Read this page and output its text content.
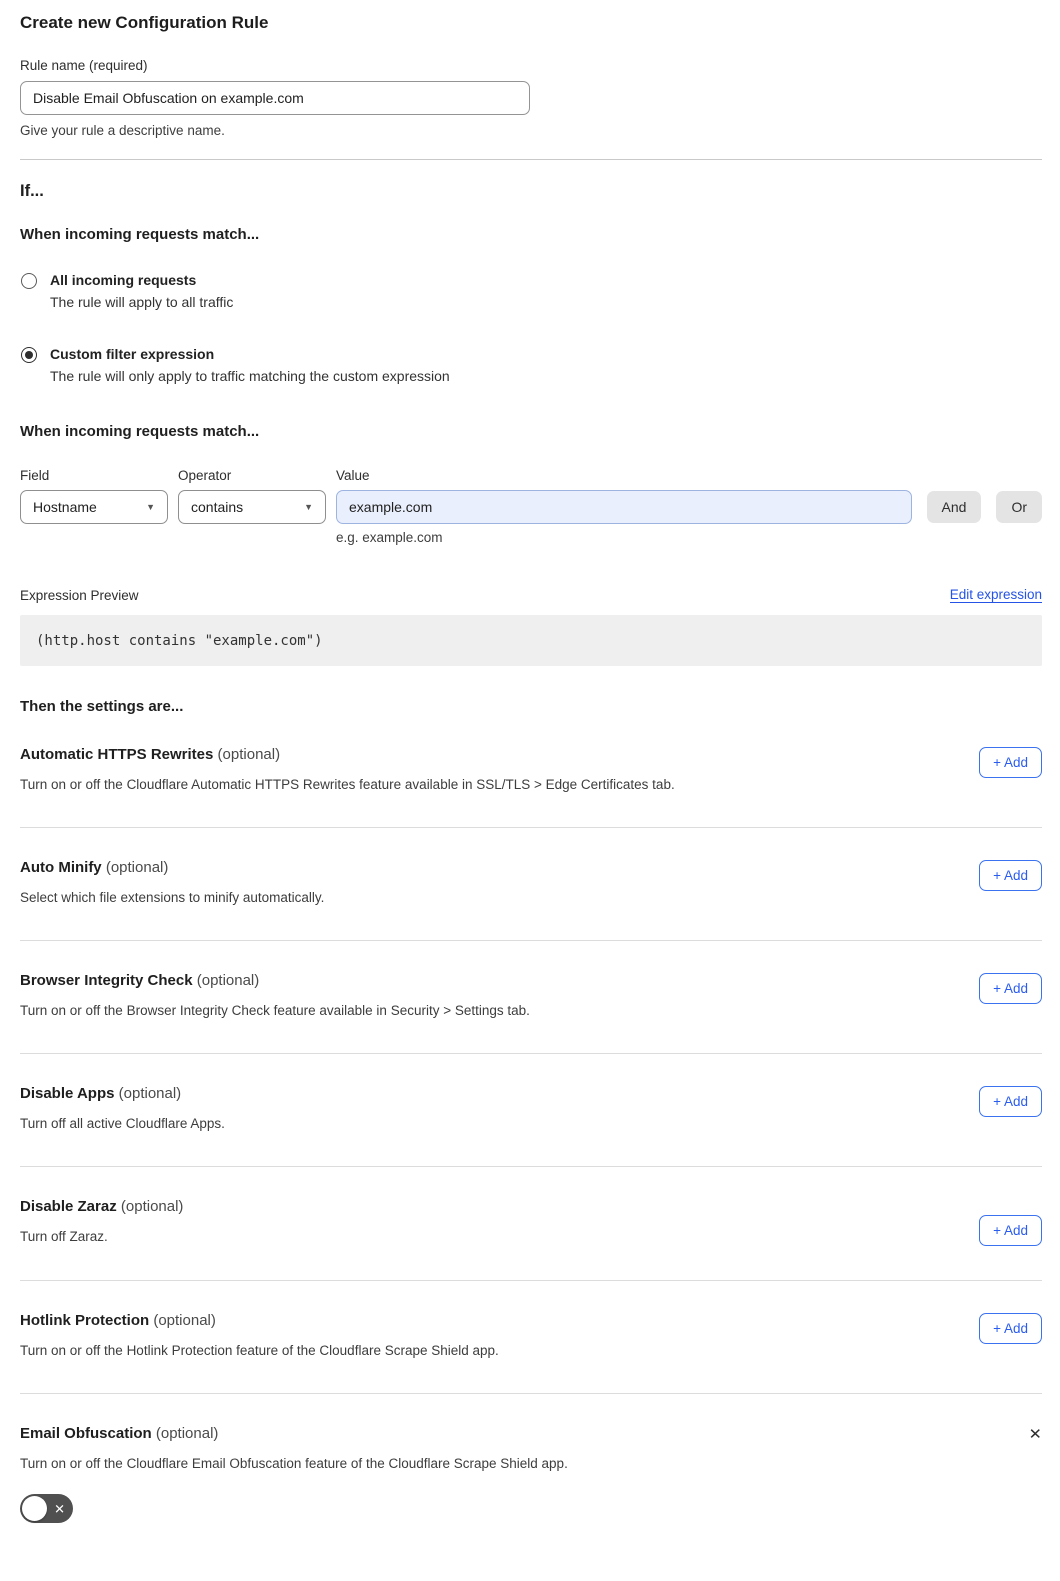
Create new Configuration Rule
Rule name (required)
Disable Email Obfuscation on example.com
Give your rule a descriptive name.
If...
When incoming requests match...
All incoming requests
The rule will apply to all traffic
Custom filter expression
The rule will only apply to traffic matching the custom expression
When incoming requests match...
Field
Hostname	▼
Operator
contains	▼
Value
example.com
e.g. example.com
And	Or
Expression Preview	Edit expression
(http.host contains "example.com")
Then the settings are...
Automatic HTTPS Rewrites (optional)

Turn on or off the Cloudflare Automatic HTTPS Rewrites feature available in SSL/TLS > Edge Certificates tab.

+ Add
Auto Minify (optional)

Select which file extensions to minify automatically.

+ Add
Browser Integrity Check (optional)

Turn on or off the Browser Integrity Check feature available in Security > Settings tab.

+ Add
Disable Apps (optional)

Turn off all active Cloudflare Apps.

+ Add
Disable Zaraz (optional)

Turn off Zaraz.	+ Add
Hotlink Protection (optional)

Turn on or off the Hotlink Protection feature of the Cloudflare Scrape Shield app.

+ Add
Email Obfuscation (optional)

Turn on or off the Cloudflare Email Obfuscation feature of the Cloudflare Scrape Shield app.

✕
✕
